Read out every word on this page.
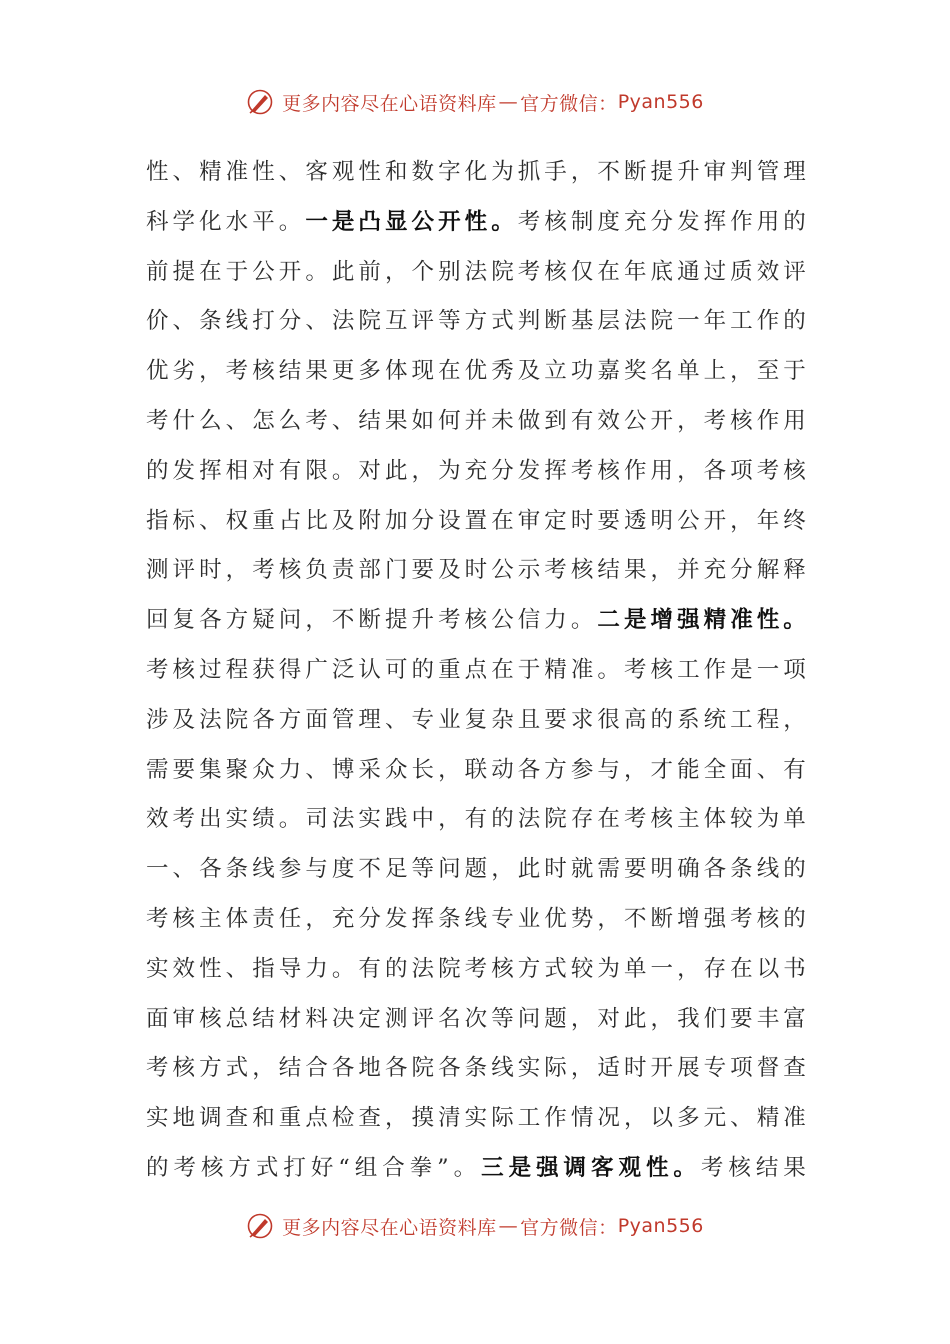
更多内容尽在心语资料库 — 官方微信： Pyan556
性、精准性、客观性和数字化为抓手，不断提升审判管理
科学化水平。一是凸显公开性。考核制度充分发挥作用的
前提在于公开。此前，个别法院考核仅在年底通过质效评
价、条线打分、法院互评等方式判断基层法院一年工作的
优劣，考核结果更多体现在优秀及立功嘉奖名单上，至于
考什么、怎么考、结果如何并未做到有效公开，考核作用
的发挥相对有限。对此，为充分发挥考核作用，各项考核
指标、权重占比及附加分设置在审定时要透明公开，年终
测评时，考核负责部门要及时公示考核结果，并充分解释
回复各方疑问，不断提升考核公信力。二是增强精准性。
考核过程获得广泛认可的重点在于精准。考核工作是一项
涉及法院各方面管理、专业复杂且要求很高的系统工程，
需要集聚众力、博采众长，联动各方参与，才能全面、有
效考出实绩。司法实践中，有的法院存在考核主体较为单
一、各条线参与度不足等问题，此时就需要明确各条线的
考核主体责任，充分发挥条线专业优势，不断增强考核的
实效性、指导力。有的法院考核方式较为单一，存在以书
面审核总结材料决定测评名次等问题，对此，我们要丰富
考核方式，结合各地各院各条线实际，适时开展专项督查
实地调查和重点检查，摸清实际工作情况，以多元、精准
的考核方式打好“组合拳”。三是强调客观性。考核结果
更多内容尽在心语资料库 — 官方微信： Pyan556
